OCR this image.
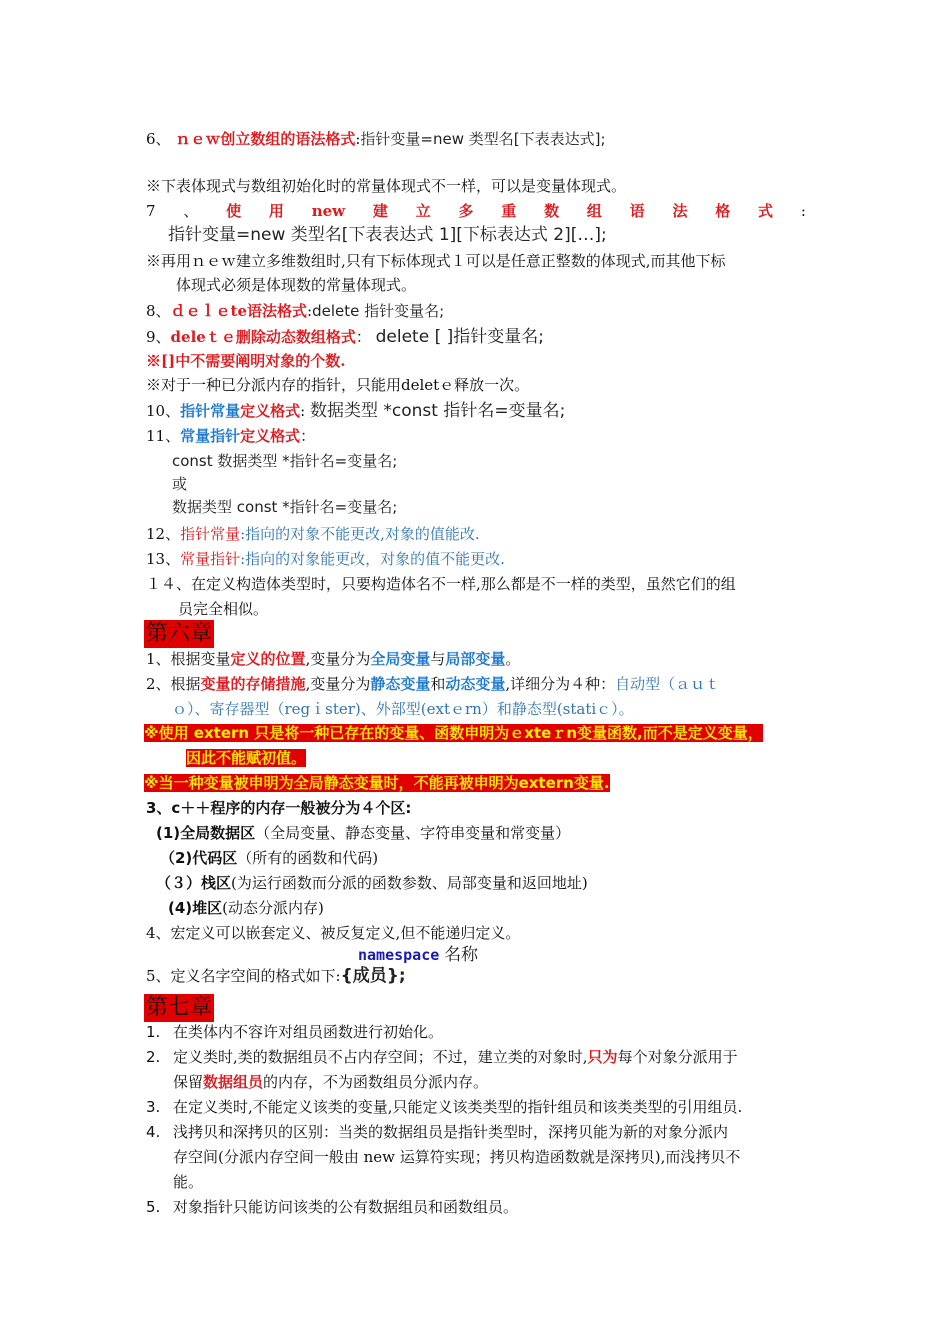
6、 ｎｅｗ创立数组的语法格式:指针变量=new 类型名[下表表达式];
※下表体现式与数组初始化时的常量体现式不一样，可以是变量体现式。
7 、 使 用 new 建 立 多 重 数 组 语 法 格 式 :
指针变量=new 类型名[下表表达式 1][下标表达式 2][…];
※再用ｎｅｗ建立多维数组时,只有下标体现式１可以是任意正整数的体现式,而其他下标
体现式必须是体现数的常量体现式。
8、ｄｅｌｅte语法格式:delete 指针变量名;
9、deleｔｅ删除动态数组格式： delete [ ]指针变量名;
※[]中不需要阐明对象的个数.
※对于一种已分派内存的指针，只能用deletｅ释放一次。
10、指针常量定义格式: 数据类型 *const 指针名=变量名;
11、常量指针定义格式：
const 数据类型 *指针名=变量名;
或
数据类型 const *指针名=变量名;
12、指针常量:指向的对象不能更改,对象的值能改.
13、常量指针:指向的对象能更改，对象的值不能更改.
１４、在定义构造体类型时，只要构造体名不一样,那么都是不一样的类型，虽然它们的组
员完全相似。
第六章
1、根据变量定义的位置,变量分为全局变量与局部变量。
2、根据变量的存储措施,变量分为静态变量和动态变量,详细分为４种：自动型（ａｕｔ
ｏ）、寄存器型（regｉster)、外部型(extｅrn）和静态型(statiｃ）。
※使用 extern 只是将一种已存在的变量、函数申明为ｅxteｒn变量函数,而不是定义变量，
因此不能赋初值。
※当一种变量被申明为全局静态变量时，不能再被申明为extern变量.
3、c＋＋程序的内存一般被分为４个区:
(1)全局数据区（全局变量、静态变量、字符串变量和常变量）
（2)代码区（所有的函数和代码)
（３）栈区(为运行函数而分派的函数参数、局部变量和返回地址)
(4)堆区(动态分派内存)
4、宏定义可以嵌套定义、被反复定义,但不能递归定义。
namespace 名称
5、定义名字空间的格式如下:{成员};
第七章
1. 在类体内不容许对组员函数进行初始化。
2. 定义类时,类的数据组员不占内存空间；不过，建立类的对象时,只为每个对象分派用于
保留数据组员的内存，不为函数组员分派内存。
3. 在定义类时,不能定义该类的变量,只能定义该类类型的指针组员和该类类型的引用组员.
4. 浅拷贝和深拷贝的区别：当类的数据组员是指针类型时，深拷贝能为新的对象分派内
存空间(分派内存空间一般由 new 运算符实现；拷贝构造函数就是深拷贝),而浅拷贝不
能。
5. 对象指针只能访问该类的公有数据组员和函数组员。
